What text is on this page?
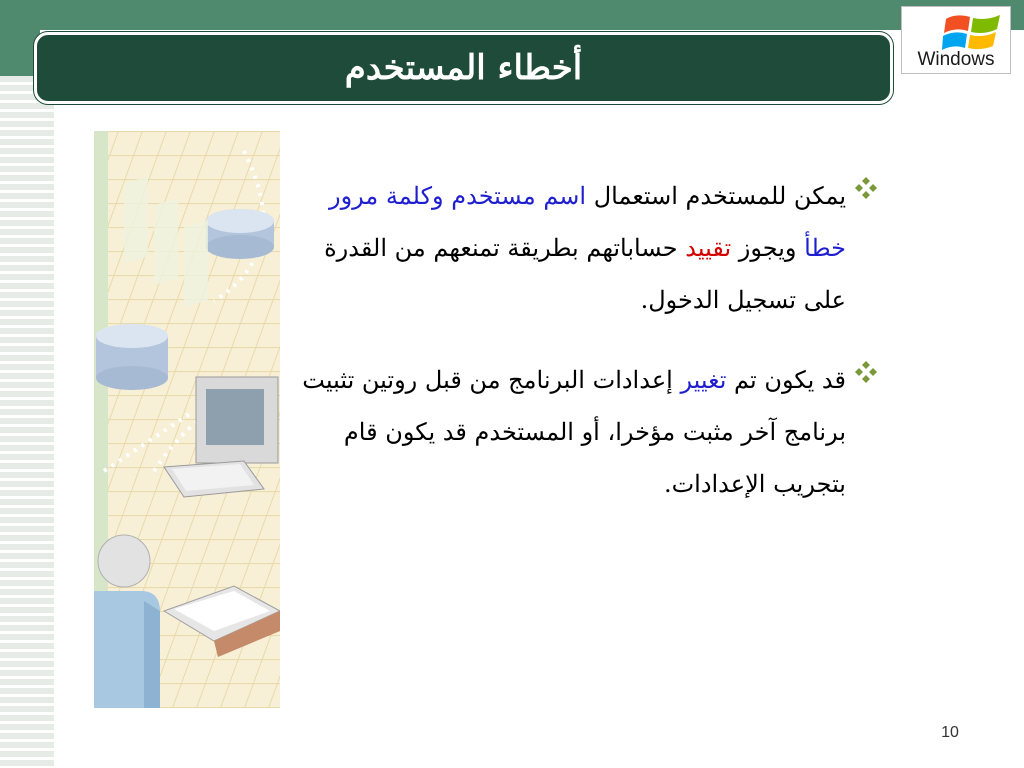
أخطاء المستخدم	Windows
يمكن للمستخدم استعمال اسم مستخدم وكلمة مرور خطأ ويجوز تقييد حساباتهم بطريقة تمنعهم من القدرة على تسجيل الدخول.
قد يكون تم تغيير إعدادات البرنامج من قبل روتين تثبيت برنامج آخر مثبت مؤخرا، أو المستخدم قد يكون قام بتجريب الإعدادات.
10
